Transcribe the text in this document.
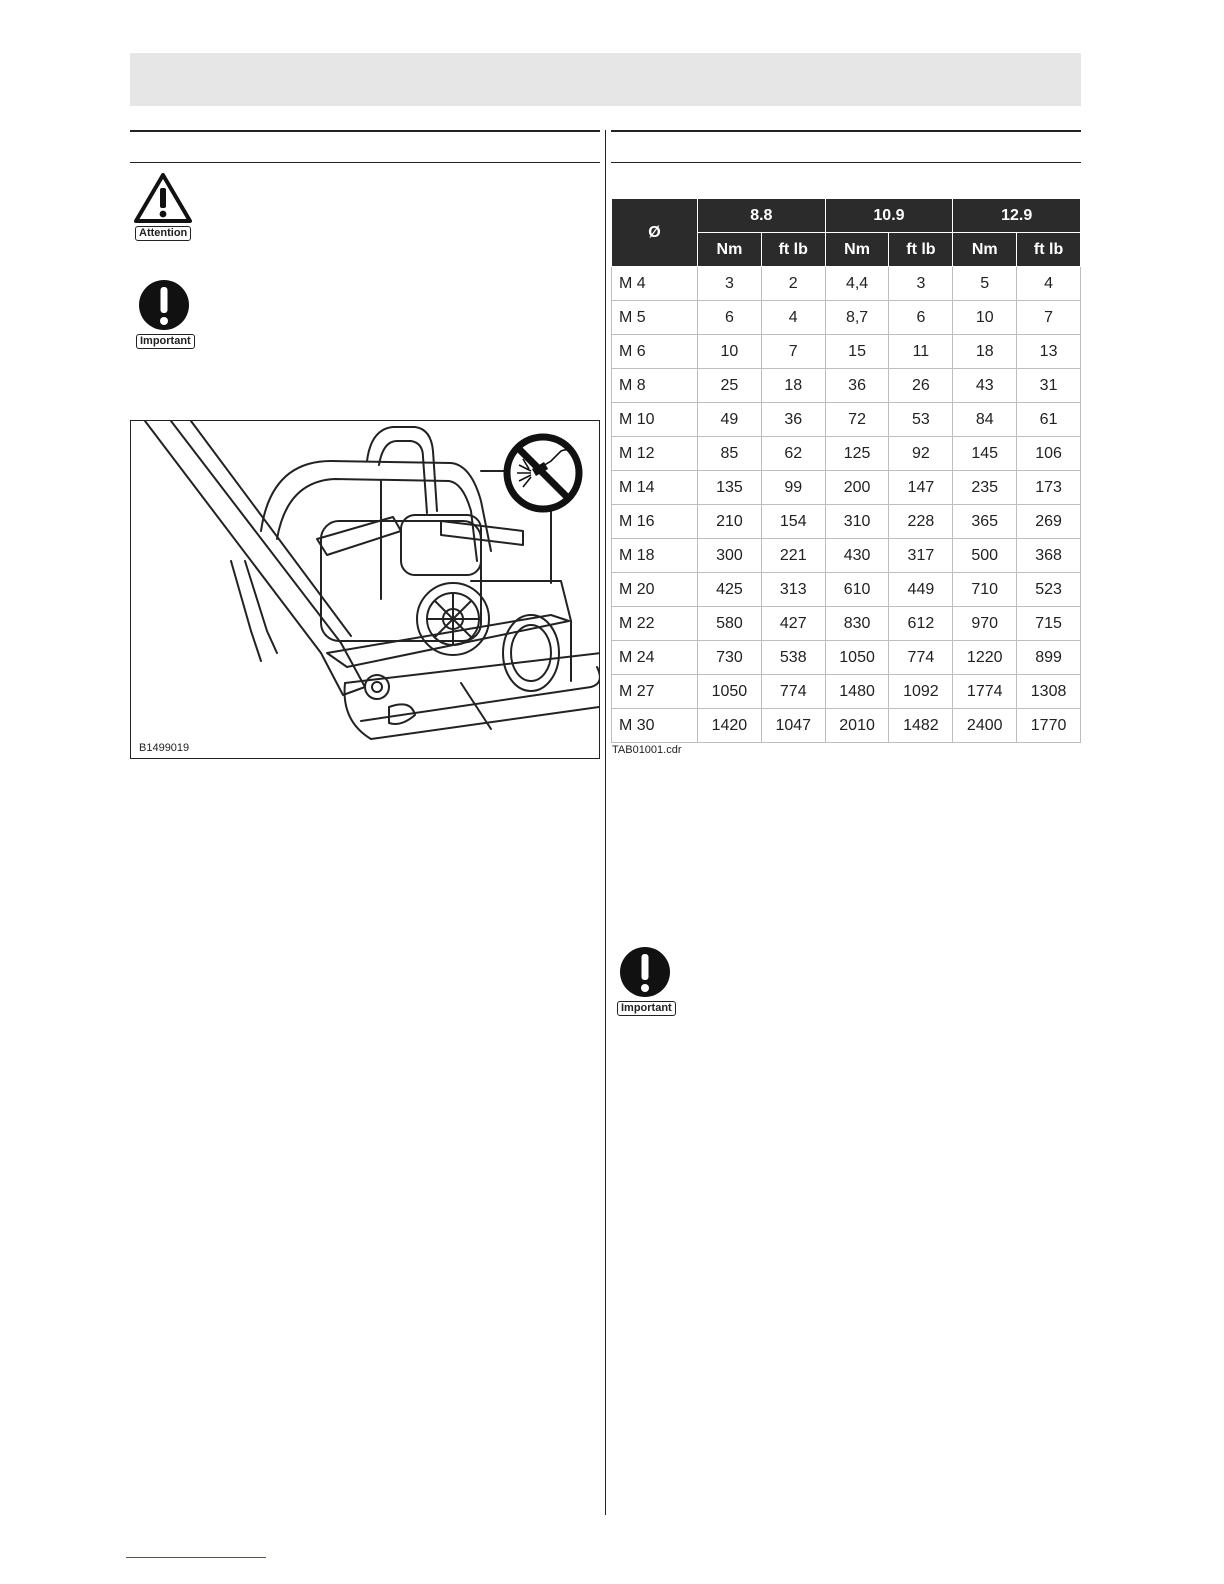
Attention
Important
B1499019
Ø	8.8		10.9		12.9	
	Nm	ft lb	Nm	ft lb	Nm	ft lb
M 4	3	2	4,4	3	5	4
M 5	6	4	8,7	6	10	7
M 6	10	7	15	11	18	13
M 8	25	18	36	26	43	31
M 10	49	36	72	53	84	61
M 12	85	62	125	92	145	106
M 14	135	99	200	147	235	173
M 16	210	154	310	228	365	269
M 18	300	221	430	317	500	368
M 20	425	313	610	449	710	523
M 22	580	427	830	612	970	715
M 24	730	538	1050	774	1220	899
M 27	1050	774	1480	1092	1774	1308
M 30	1420	1047	2010	1482	2400	1770
TAB01001.cdr
Important
